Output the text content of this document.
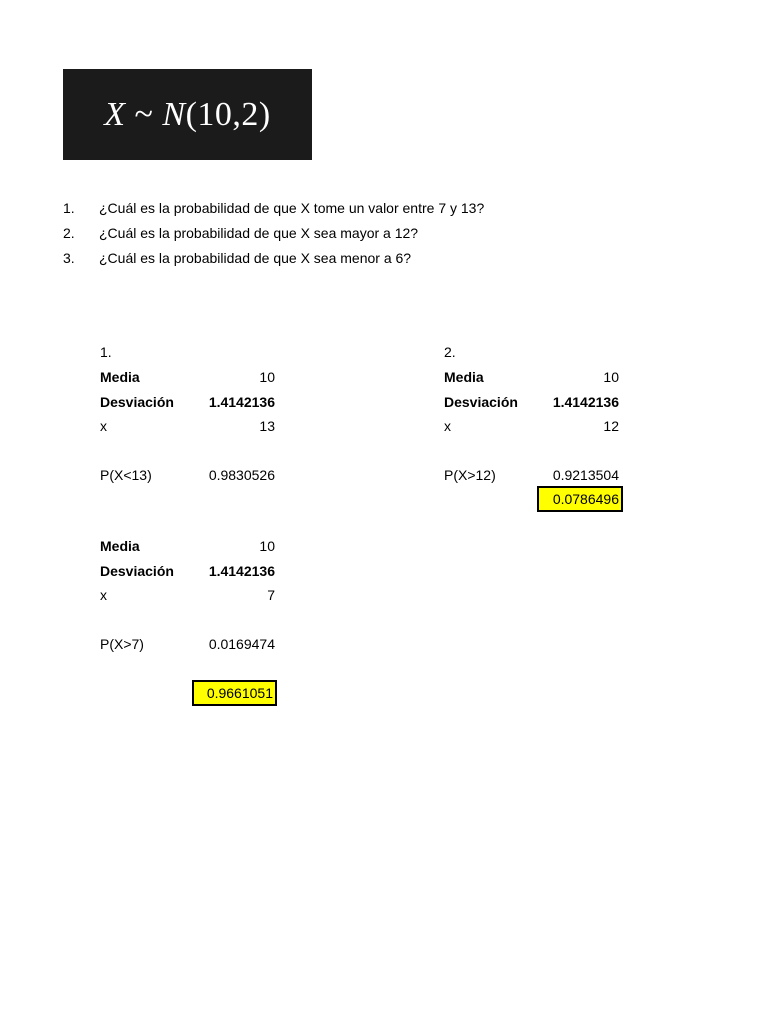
X
~
N (10,2)
1.	¿Cuál es la probabilidad de que X tome un valor entre 7 y 13?
2.	¿Cuál es la probabilidad de que X sea mayor a 12?
3.	¿Cuál es la probabilidad de que X sea menor a 6?
1.
Media	10
Desviación 1.4142136
x	13
P(X<13)	0.9830526
2.
Media	10
Desviación 1.4142136
x	12
P(X>12)	0.9213504
0.0786496
Media	10
Desviación 1.4142136
x	7
P(X>7)	0.0169474
0.9661051
